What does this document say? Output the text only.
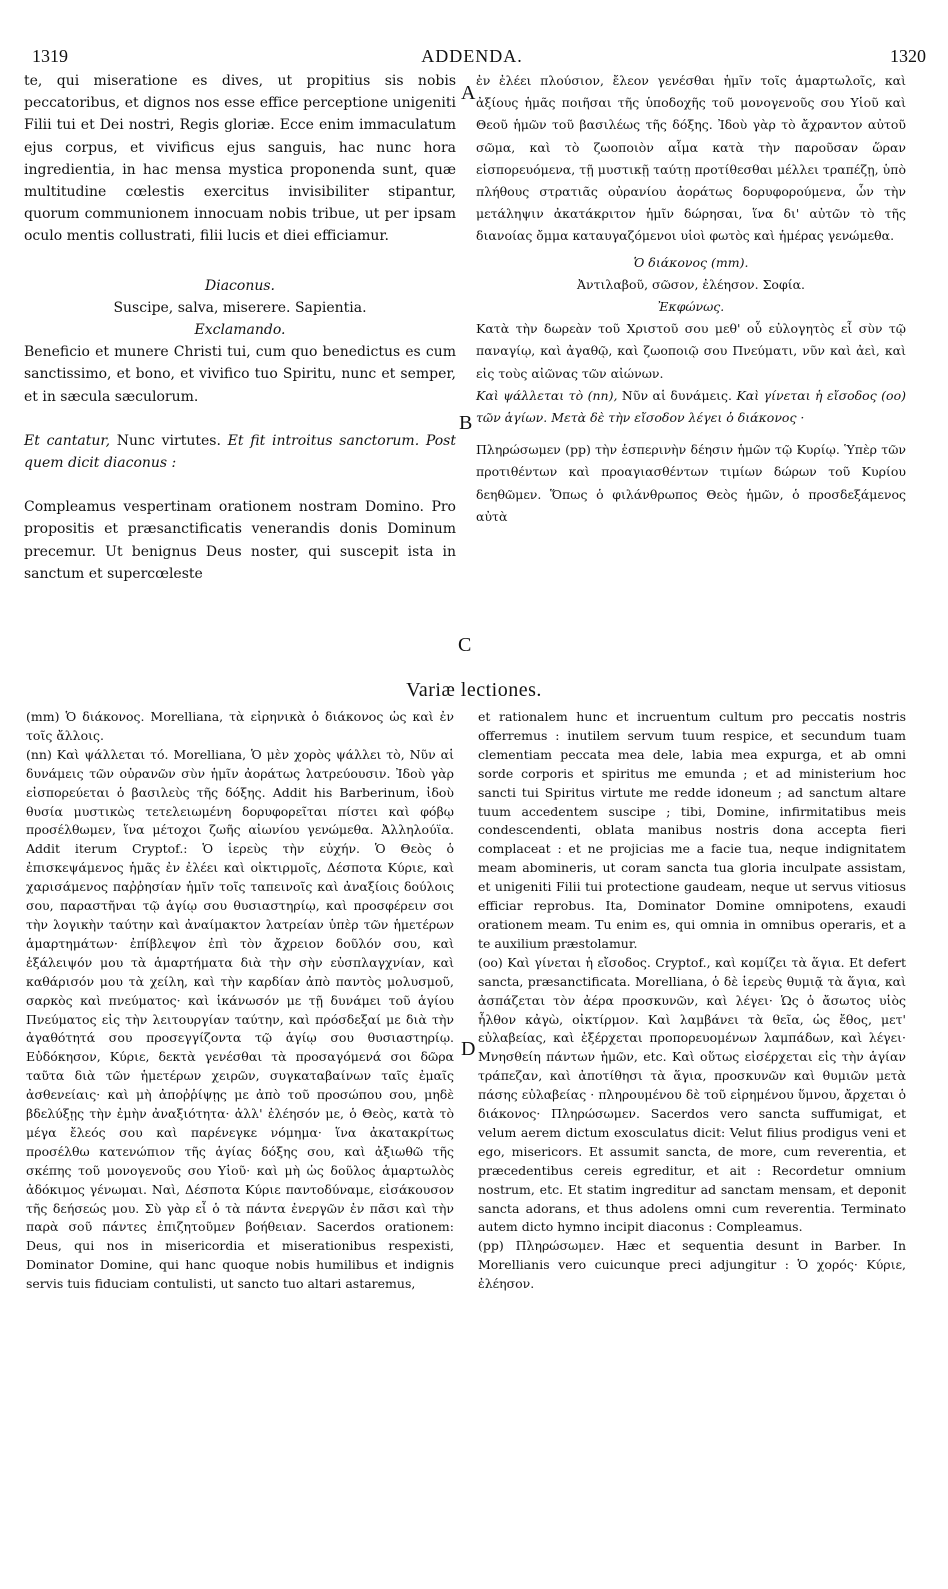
1319	ADDENDA.	1320
A
B
C
D

te, qui miseratione es dives, ut propitius sis nobis peccatoribus, et dignos nos esse effice perceptione unigeniti Filii tui et Dei nostri, Regis gloriæ. Ecce enim immaculatum ejus corpus, et vivificus ejus sanguis, hac nunc hora ingredientia, in hac mensa mystica proponenda sunt, quæ multitudine cœlestis exercitus invisibiliter stipantur, quorum communionem innocuam nobis tribue, ut per ipsam oculo mentis collustrati, filii lucis et diei efficiamur.

Diaconus.

Suscipe, salva, miserere. Sapientia.

Exclamando.

Beneficio et munere Christi tui, cum quo benedictus es cum sanctissimo, et bono, et vivifico tuo Spiritu, nunc et semper, et in sæcula sæculorum.

Et cantatur, Nunc virtutes. Et fit introitus sanctorum. Post quem dicit diaconus :

Compleamus vespertinam orationem nostram Domino. Pro propositis et præsanctificatis venerandis donis Dominum precemur. Ut benignus Deus noster, qui suscepit ista in sanctum et supercœleste

ἐν ἐλέει πλούσιον, ἔλεον γενέσθαι ἡμῖν τοῖς ἁμαρτωλοῖς, καὶ ἀξίους ἡμᾶς ποιῆσαι τῆς ὑποδοχῆς τοῦ μονογενοῦς σου Υἱοῦ καὶ Θεοῦ ἡμῶν τοῦ βασιλέως τῆς δόξης. Ἰδοὺ γὰρ τὸ ἄχραντον αὐτοῦ σῶμα, καὶ τὸ ζωοποιὸν αἷμα κατὰ τὴν παροῦσαν ὥραν εἰσπορευόμενα, τῇ μυστικῇ ταύτῃ προτίθεσθαι μέλλει τραπέζῃ, ὑπὸ πλήθους στρατιᾶς οὐρανίου ἀοράτως δορυφορούμενα, ὧν τὴν μετάληψιν ἀκατάκριτον ἡμῖν δώρησαι, ἵνα δι' αὐτῶν τὸ τῆς διανοίας ὄμμα καταυγαζόμενοι υἱοὶ φωτὸς καὶ ἡμέρας γενώμεθα.

Ὁ διάκονος (mm).

Ἀντιλαβοῦ, σῶσον, ἐλέησον. Σοφία.

Ἐκφώνως.

Κατὰ τὴν δωρεὰν τοῦ Χριστοῦ σου μεθ' οὗ εὐλογητὸς εἶ σὺν τῷ παναγίῳ, καὶ ἀγαθῷ, καὶ ζωοποιῷ σου Πνεύματι, νῦν καὶ ἀεὶ, καὶ εἰς τοὺς αἰῶνας τῶν αἰώνων.

Καὶ ψάλλεται τὸ (nn), Νῦν αἱ δυνάμεις. Καὶ γίνεται ἡ εἴσοδος (oo) τῶν ἁγίων. Μετὰ δὲ τὴν εἴσοδον λέγει ὁ διάκονος ·

Πληρώσωμεν (pp) τὴν ἑσπερινὴν δέησιν ἡμῶν τῷ Κυρίῳ. Ὑπὲρ τῶν προτιθέντων καὶ προαγιασθέντων τιμίων δώρων τοῦ Κυρίου δεηθῶμεν. Ὅπως ὁ φιλάνθρωπος Θεὸς ἡμῶν, ὁ προσδεξάμενος αὐτὰ

Variæ lectiones.

(mm) Ὁ διάκονος. Morelliana, τὰ εἰρηνικὰ ὁ διάκονος ὡς καὶ ἐν τοῖς ἄλλοις.

(nn) Καὶ ψάλλεται τό. Morelliana, Ὁ μὲν χορὸς ψάλλει τὸ, Νῦν αἱ δυνάμεις τῶν οὐρανῶν σὺν ἡμῖν ἀοράτως λατρεύουσιν. Ἰδοὺ γὰρ εἰσπορεύεται ὁ βασιλεὺς τῆς δόξης. Addit his Barberinum, ἰδοὺ θυσία μυστικὼς τετελειωμένη δορυφορεῖται πίστει καὶ φόβῳ προσέλθωμεν, ἵνα μέτοχοι ζωῆς αἰωνίου γενώμεθα. Ἀλληλούϊα. Addit iterum Cryptof.: Ὁ ἱερεὺς τὴν εὐχήν. Ὁ Θεὸς ὁ ἐπισκεψάμενος ἡμᾶς ἐν ἐλέει καὶ οἰκτιρμοῖς, Δέσποτα Κύριε, καὶ χαρισάμενος παῤῥησίαν ἡμῖν τοῖς ταπεινοῖς καὶ ἀναξίοις δούλοις σου, παραστῆναι τῷ ἁγίῳ σου θυσιαστηρίῳ, καὶ προσφέρειν σοι τὴν λογικὴν ταύτην καὶ ἀναίμακτον λατρείαν ὑπὲρ τῶν ἡμετέρων ἁμαρτημάτων· ἐπίβλεψον ἐπὶ τὸν ἄχρειον δοῦλόν σου, καὶ ἐξάλειψόν μου τὰ ἁμαρτήματα διὰ τὴν σὴν εὐσπλαγχνίαν, καὶ καθάρισόν μου τὰ χείλη, καὶ τὴν καρδίαν ἀπὸ παντὸς μολυσμοῦ, σαρκὸς καὶ πνεύματος· καὶ ἱκάνωσόν με τῇ δυνάμει τοῦ ἁγίου Πνεύματος εἰς τὴν λειτουργίαν ταύτην, καὶ πρόσδεξαί με διὰ τὴν ἀγαθότητά σου προσεγγίζοντα τῷ ἁγίῳ σου θυσιαστηρίῳ. Εὐδόκησον, Κύριε, δεκτὰ γενέσθαι τὰ προσαγόμενά σοι δῶρα ταῦτα διὰ τῶν ἡμετέρων χειρῶν, συγκαταβαίνων ταῖς ἐμαῖς ἀσθενείαις· καὶ μὴ ἀποῤῥίψῃς με ἀπὸ τοῦ προσώπου σου, μηδὲ βδελύξῃς τὴν ἐμὴν ἀναξιότητα· ἀλλ' ἐλέησόν με, ὁ Θεὸς, κατὰ τὸ μέγα ἔλεός σου καὶ παρένεγκε νόμημα· ἵνα ἀκατακρίτως προσέλθω κατενώπιον τῆς ἁγίας δόξης σου, καὶ ἀξιωθῶ τῆς σκέπης τοῦ μονογενοῦς σου Υἱοῦ· καὶ μὴ ὡς δοῦλος ἁμαρτωλὸς ἀδόκιμος γένωμαι. Ναὶ, Δέσποτα Κύριε παντοδύναμε, εἰσάκουσον τῆς δεήσεώς μου. Σὺ γὰρ εἶ ὁ τὰ πάντα ἐνεργῶν ἐν πᾶσι καὶ τὴν παρὰ σοῦ πάντες ἐπιζητοῦμεν βοήθειαν. Sacerdos orationem: Deus, qui nos in misericordia et miserationibus respexisti, Dominator Domine, qui hanc quoque nobis humilibus et indignis servis tuis fiduciam contulisti, ut sancto tuo altari astaremus,

et rationalem hunc et incruentum cultum pro peccatis nostris offerremus : inutilem servum tuum respice, et secundum tuam clementiam peccata mea dele, labia mea expurga, et ab omni sorde corporis et spiritus me emunda ; et ad ministerium hoc sancti tui Spiritus virtute me redde idoneum ; ad sanctum altare tuum accedentem suscipe ; tibi, Domine, infirmitatibus meis condescendenti, oblata manibus nostris dona accepta fieri complaceat : et ne projicias me a facie tua, neque indignitatem meam abomineris, ut coram sancta tua gloria inculpate assistam, et unigeniti Filii tui protectione gaudeam, neque ut servus vitiosus efficiar reprobus. Ita, Dominator Domine omnipotens, exaudi orationem meam. Tu enim es, qui omnia in omnibus operaris, et a te auxilium præstolamur.

(oo) Καὶ γίνεται ἡ εἴσοδος. Cryptof., καὶ κομίζει τὰ ἅγια. Et defert sancta, præsanctificata. Morelliana, ὁ δὲ ἱερεὺς θυμιᾷ τὰ ἅγια, καὶ ἀσπάζεται τὸν ἀέρα προσκυνῶν, καὶ λέγει· Ὡς ὁ ἄσωτος υἱὸς ἦλθον κἀγὼ, οἰκτίρμον. Καὶ λαμβάνει τὰ θεῖα, ὡς ἔθος, μετ' εὐλαβείας, καὶ ἐξέρχεται προπορευομένων λαμπάδων, καὶ λέγει· Μνησθείη πάντων ἡμῶν, etc. Καὶ οὕτως εἰσέρχεται εἰς τὴν ἁγίαν τράπεζαν, καὶ ἀποτίθησι τὰ ἅγια, προσκυνῶν καὶ θυμιῶν μετὰ πάσης εὐλαβείας · πληρουμένου δὲ τοῦ εἰρημένου ὕμνου, ἄρχεται ὁ διάκονος· Πληρώσωμεν. Sacerdos vero sancta suffumigat, et velum aerem dictum exosculatus dicit: Velut filius prodigus veni et ego, misericors. Et assumit sancta, de more, cum reverentia, et præcedentibus cereis egreditur, et ait : Recordetur omnium nostrum, etc. Et statim ingreditur ad sanctam mensam, et deponit sancta adorans, et thus adolens omni cum reverentia. Terminato autem dicto hymno incipit diaconus : Compleamus.

(pp) Πληρώσωμεν. Hæc et sequentia desunt in Barber. In Morellianis vero cuicunque preci adjungitur : Ὁ χορός· Κύριε, ἐλέησον.
